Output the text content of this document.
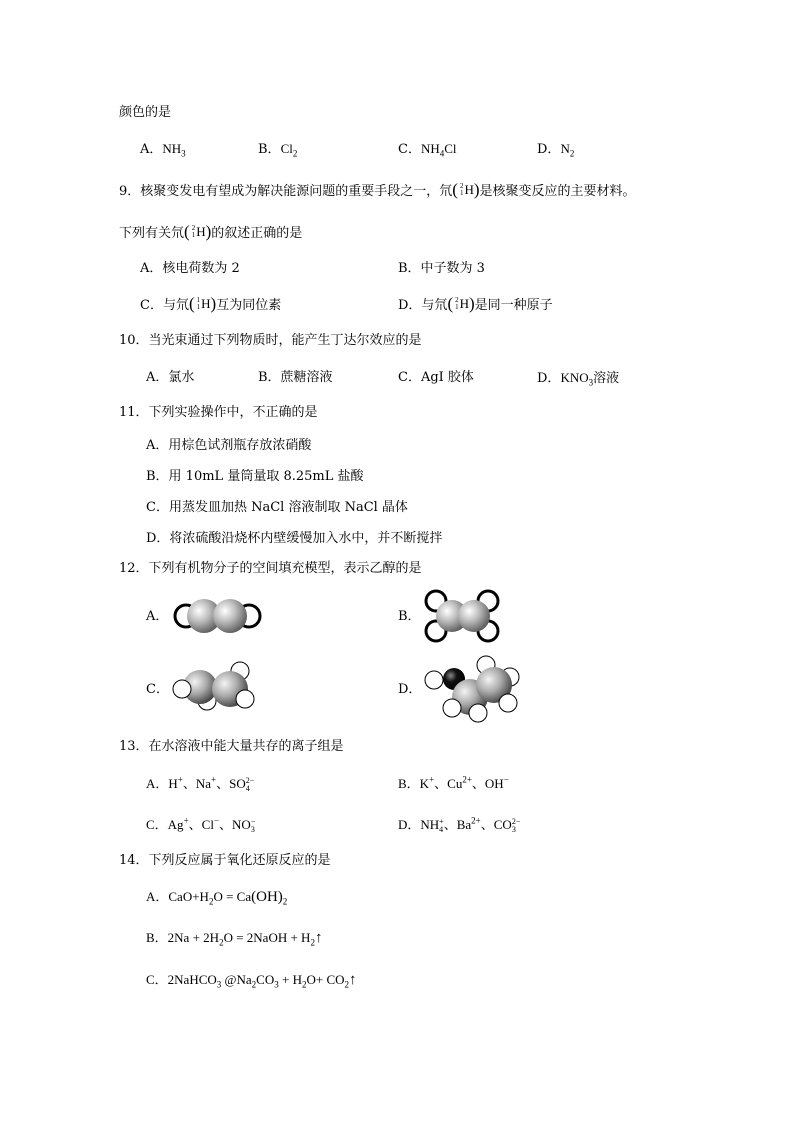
颜色的是
A．$NH_3$	B．$Cl_2$	C．$NH_4Cl$	D．$N_2$
9．核聚变发电有望成为解决能源问题的重要手段之一，氘 ( 2
1 H ) 是核聚变反应的主要材料。
下列有关氘 ( 2
1 H ) 的叙述正确的是
A．核电荷数为 2	B．中子数为 3
C．与氘 ( 1
1 H ) 互为同位素	D．与氘 ( 2
1 H ) 是同一种原子
10．当光束通过下列物质时，能产生丁达尔效应的是
A．氯水	B．蔗糖溶液	C．AgI 胶体	D．$KNO_3$溶液
11．下列实验操作中，不正确的是
A．用棕色试剂瓶存放浓硝酸
B．用 10mL 量筒量取 8.25mL 盐酸
C．用蒸发皿加热 NaCl 溶液制取 NaCl 晶体
D．将浓硫酸沿烧杯内壁缓慢加入水中，并不断搅拌
12．下列有机物分子的空间填充模型，表示乙醇的是
A．	B．
C．	D．
13．在水溶液中能大量共存的离子组是
A．H+、Na+、SO 2−
4	B．K+、$Cu^{2+}$、OH−
C．Ag+、Cl−、NO −
3	D．NH +
4 、$Ba^{2+}$、CO 2−
3
14．下列反应属于氧化还原反应的是
A．$CaO+H_2O = Ca(OH)_2$
B．$2Na + 2H_2O$ = 2NaOH + $H_2↑$
C．2NaHCO$_3$ $@Na_2CO_3 + H_2O+$ $CO_2↑$
